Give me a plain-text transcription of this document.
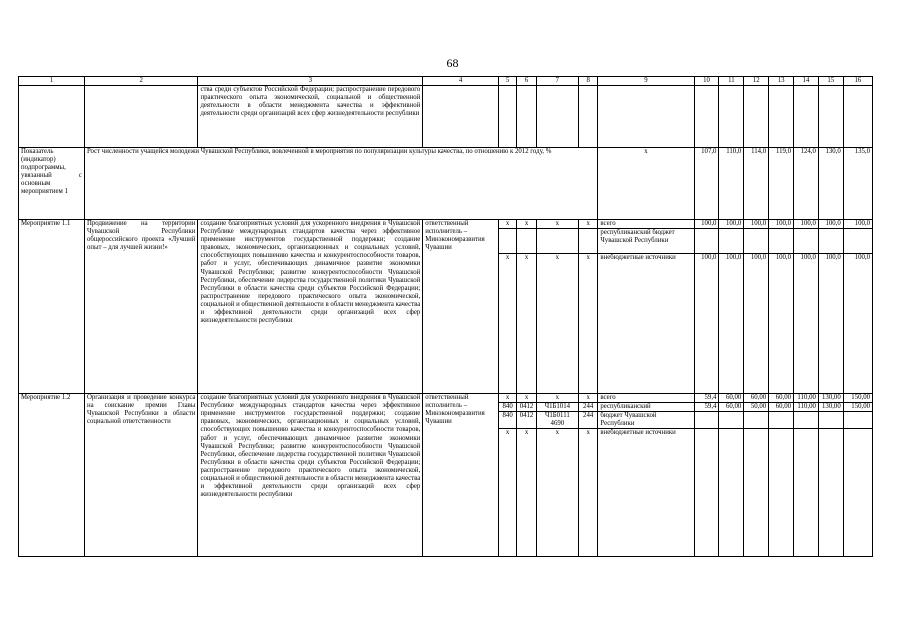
68
1	2	3	4	5	6	7	8	9	10	11	12	13	14	15	16
		ства среди субъектов Российской Федерации; распространение передового практического опыта экономической, социальной и общественной деятельности в области менеджмента качества и эффективной деятельности среди организаций всех сфер жизнедеятельности республики													
Показатель (индикатор) подпрограммы, увязанный с основным мероприятием 1	Рост численности учащейся молодежи Чувашской Республики, вовлеченной в мероприятия по популяризации культуры качества, по отношению к 2012 году, %							х	107,0	110,0	114,0	119,0	124,0	130,0	135,0
Мероприятие 1.1	Продвижение на территории Чувашской Республики общероссийского проекта «Лучший опыт – для лучшей жизни!»	создание благоприятных условий для ускоренного внедрения в Чувашской Республике международных стандартов качества через эффективное применение инструментов государственной поддержки; создание правовых, экономических, организационных и социальных условий, способствующих повышению качества и конкурентоспособности товаров, работ и услуг, обеспечивающих динамичное развитие экономики Чувашской Республики; развитие конкурентоспособности Чувашской Республики, обеспечение лидерства государственной политики Чувашской Республики в области качества среди субъектов Российской Федерации; распространение передового практического опыта экономической, социальной и общественной деятельности в области менеджмента качества и эффективной деятельности среди организаций всех сфер жизнедеятельности республики	ответственный исполнитель – Минэкономразвития Чувашии	х	х	х	х	всего	100,0	100,0	100,0	100,0	100,0	100,0	100,0
								республиканский бюджет Чувашской Республики							
				х	х	х	х	внебюджетные источники	100,0	100,0	100,0	100,0	100,0	100,0	100,0
Мероприятие 1.2	Организация и проведение конкурса на соискание премии Главы Чувашской Республики в области социальной ответственности	создание благоприятных условий для ускоренного внедрения в Чувашской Республике международных стандартов качества через эффективное применение инструментов государственной поддержки; создание правовых, экономических, организационных и социальных условий, способствующих повышению качества и конкурентоспособности товаров, работ и услуг, обеспечивающих динамичное развитие экономики Чувашской Республики; развитие конкурентоспособности Чувашской Республики, обеспечение лидерства государственной политики Чувашской Республики в области качества среди субъектов Российской Федерации; распространение передового практического опыта экономической, социальной и общественной деятельности в области менеджмента качества и эффективной деятельности среди организаций всех сфер жизнедеятельности республики	ответственный исполнитель – Минэкономразвития Чувашии	х	х	х	х	всего	59,4	60,00	60,00	60,00	110,00	130,00	150,00
				840	0412	Ч1Б1014	244	республиканский	59,4	60,00	50,00	60,00	110,00	130,00	150,00
				840	0412	Ч1Б0111 4690	244	бюджет Чувашской Республики							
				х	х	х	х	внебюджетные источники							
